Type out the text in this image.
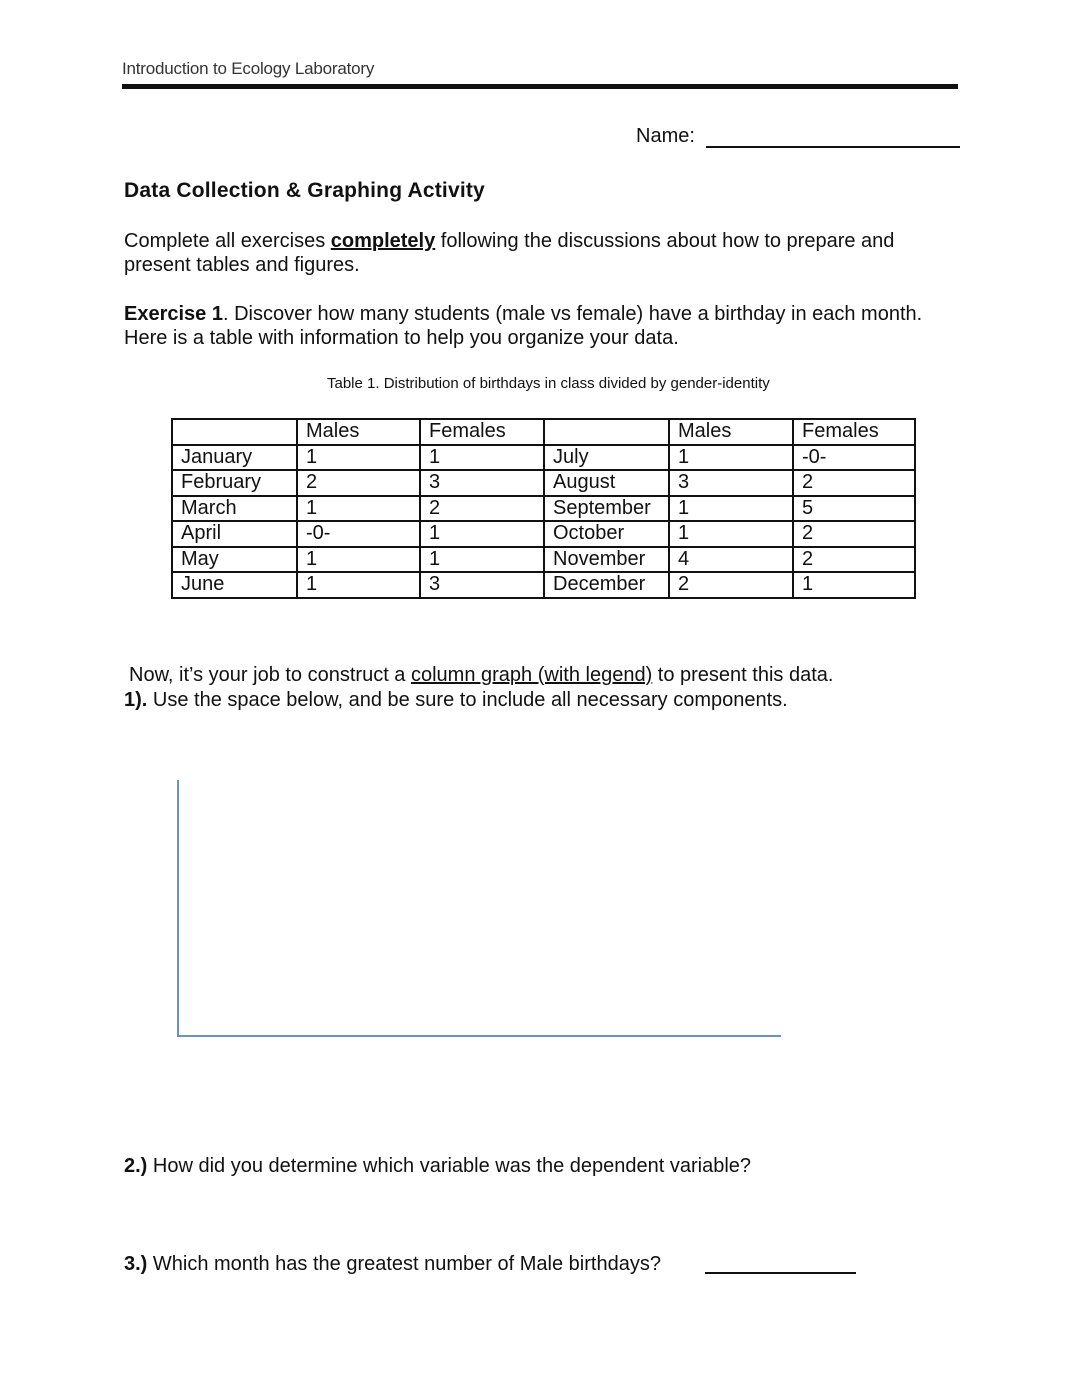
Introduction to Ecology Laboratory
Name:
Data Collection & Graphing Activity
Complete all exercises completely following the discussions about how to prepare and present tables and figures.
Exercise 1. Discover how many students (male vs female) have a birthday in each month. Here is a table with information to help you organize your data.
Table 1. Distribution of birthdays in class divided by gender-identity
	Males	Females		Males	Females
January	1	1	July	1	-0-
February	2	3	August	3	2
March	1	2	September	1	5
April	-0-	1	October	1	2
May	1	1	November	4	2
June	1	3	December	2	1
Now, it’s your job to construct a column graph (with legend) to present this data.
1). Use the space below, and be sure to include all necessary components.
2.) How did you determine which variable was the dependent variable?
3.) Which month has the greatest number of Male birthdays?
